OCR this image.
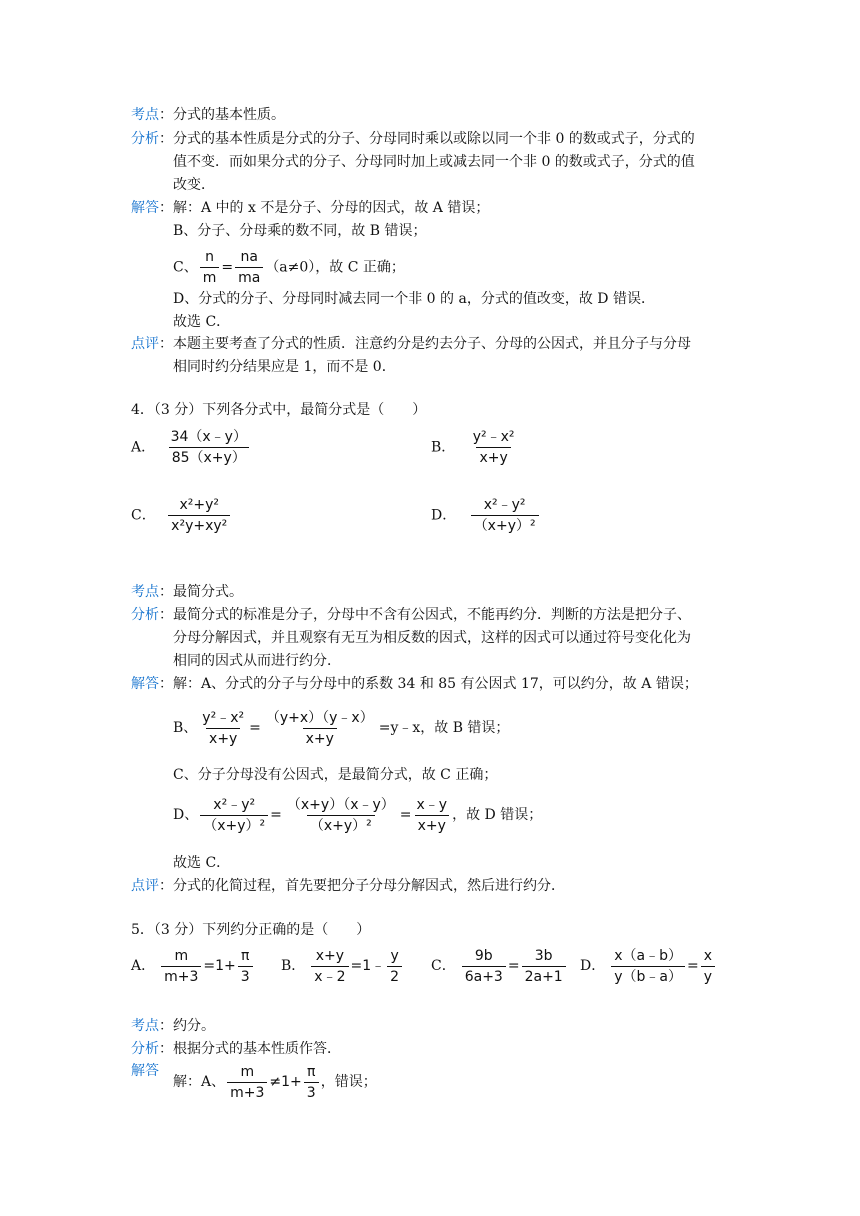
考点：分式的基本性质。
分析：分式的基本性质是分式的分子、分母同时乘以或除以同一个非 0 的数或式子，分式的
值不变．而如果分式的分子、分母同时加上或减去同一个非 0 的数或式子，分式的值
改变．
解答：解：A 中的 x 不是分子、分母的因式，故 A 错误；
B、分子、分母乘的数不同，故 B 错误；
C、 $\frac{n}{m} = \frac{na}{ma} (a\ne 0)$，故 C 正确；
D、分式的分子、分母同时减去同一个非 0 的 a，分式的值改变，故 D 错误．
故选 C．
点评：本题主要考查了分式的性质．注意约分是约去分子、分母的公因式，并且分子与分母
相同时约分结果应是 1，而不是 0．
4．（3 分）下列各分式中，最简分式是（　　）
A． $\frac{34(x﹣y)}{85(x+y)}$	B． $\frac{\text{y²﹣x²}}{x+y}$
C． $\frac{\text{x²+y²}}{\text{x²y+xy²}}$	D． $\frac{\text{x²﹣y²}}{\text{（x+y）²}}$
考点：最简分式。
分析：最简分式的标准是分子，分母中不含有公因式，不能再约分．判断的方法是把分子、
分母分解因式，并且观察有无互为相反数的因式，这样的因式可以通过符号变化化为
相同的因式从而进行约分．
解答：解：A、分式的分子与分母中的系数 34 和 85 有公因式 17，可以约分，故 A 错误；
B、 $\frac{\text{y²﹣x²}}{x+y} = \frac{(y+x)(y﹣x)}{x+y}$ =y﹣x，故 B 错误；
C、分子分母没有公因式，是最简分式，故 C 正确；
D、 $\frac{\text{x²﹣y²}}{\text{（x+y）²}} = \frac{(x+y)(x﹣y)}{\text{（x+y）²}} = \frac{x﹣y}{x+y}$ ，故 D 错误；
故选 C．
点评：分式的化简过程，首先要把分子分母分解因式，然后进行约分．
5．（3 分）下列约分正确的是（　　）
A． $\frac{m}{m+3} =1+ \frac{\pi}{3}$ B． $\frac{x+y}{x﹣2}$ =1﹣ $\frac{y}{2}$ C． $\frac{9b}{6a+3} = \frac{3b}{2a+1}$ D． $\frac{x(a﹣b)}{y(b﹣a)} = \frac{x}{y}$
考点：约分。
分析：根据分式的基本性质作答．
解答
解：A、 $\frac{m}{m+3} \ne 1+ \frac{\pi}{3}$ ，错误；
